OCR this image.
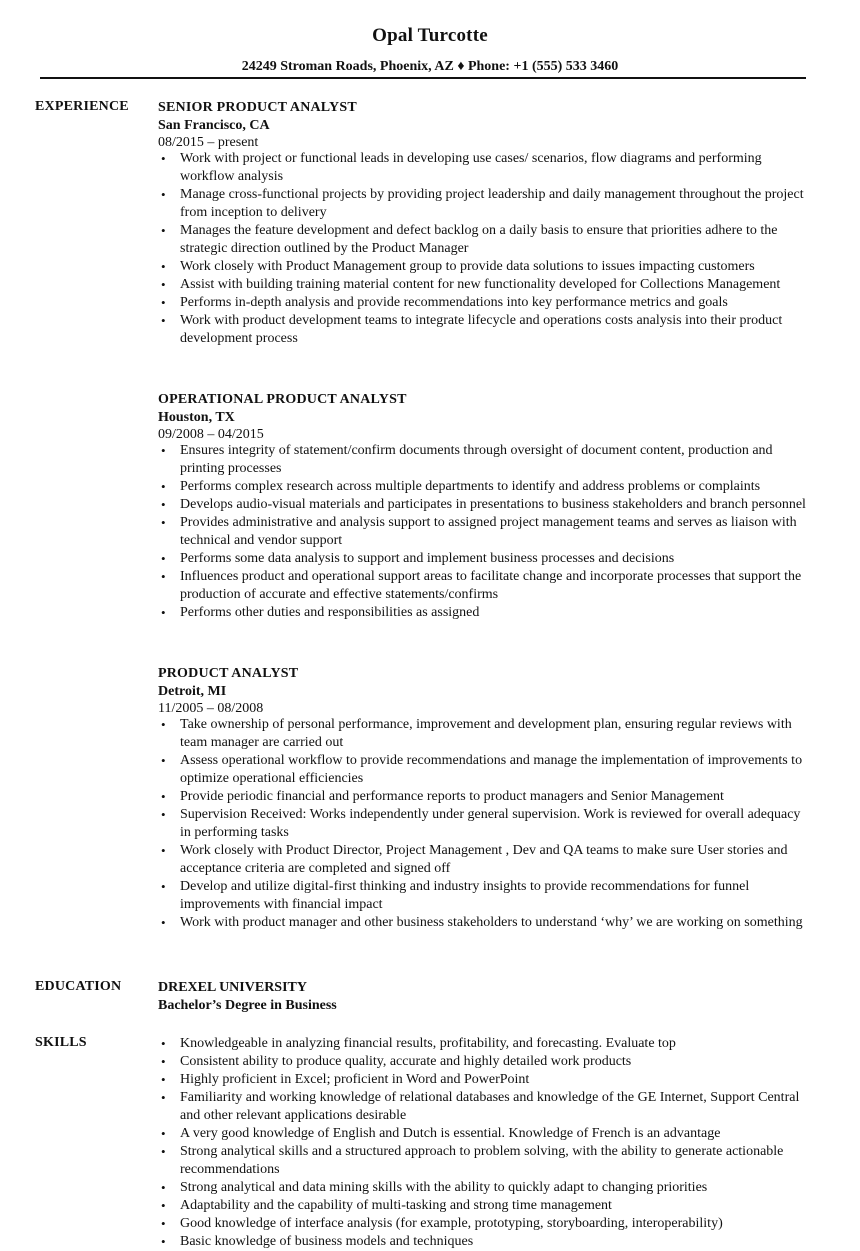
Opal Turcotte
24249 Stroman Roads, Phoenix, AZ ♦ Phone: +1 (555) 533 3460
EXPERIENCE SENIOR PRODUCT ANALYST
San Francisco, CA
08/2015 – present
• Work with project or functional leads in developing use cases/ scenarios, flow diagrams and performing workflow analysis
• Manage cross-functional projects by providing project leadership and daily management throughout the project from inception to delivery
• Manages the feature development and defect backlog on a daily basis to ensure that priorities adhere to the strategic direction outlined by the Product Manager
• Work closely with Product Management group to provide data solutions to issues impacting customers
• Assist with building training material content for new functionality developed for Collections Management
• Performs in-depth analysis and provide recommendations into key performance metrics and goals
• Work with product development teams to integrate lifecycle and operations costs analysis into their product development process
OPERATIONAL PRODUCT ANALYST
Houston, TX
09/2008 – 04/2015
• Ensures integrity of statement/confirm documents through oversight of document content, production and printing processes
• Performs complex research across multiple departments to identify and address problems or complaints
• Develops audio-visual materials and participates in presentations to business stakeholders and branch personnel
• Provides administrative and analysis support to assigned project management teams and serves as liaison with technical and vendor support
• Performs some data analysis to support and implement business processes and decisions
• Influences product and operational support areas to facilitate change and incorporate processes that support the production of accurate and effective statements/confirms
• Performs other duties and responsibilities as assigned
PRODUCT ANALYST
Detroit, MI
11/2005 – 08/2008
• Take ownership of personal performance, improvement and development plan, ensuring regular reviews with team manager are carried out
• Assess operational workflow to provide recommendations and manage the implementation of improvements to optimize operational efficiencies
• Provide periodic financial and performance reports to product managers and Senior Management
• Supervision Received: Works independently under general supervision. Work is reviewed for overall adequacy in performing tasks
• Work closely with Product Director, Project Management , Dev and QA teams to make sure User stories and acceptance criteria are completed and signed off
• Develop and utilize digital-first thinking and industry insights to provide recommendations for funnel improvements with financial impact
• Work with product manager and other business stakeholders to understand ‘why’ we are working on something
EDUCATION	DREXEL UNIVERSITY
Bachelor’s Degree in Business
SKILLS	• Knowledgeable in analyzing financial results, profitability, and forecasting. Evaluate top
• Consistent ability to produce quality, accurate and highly detailed work products
• Highly proficient in Excel; proficient in Word and PowerPoint
• Familiarity and working knowledge of relational databases and knowledge of the GE Internet, Support Central and other relevant applications desirable
• A very good knowledge of English and Dutch is essential. Knowledge of French is an advantage
• Strong analytical skills and a structured approach to problem solving, with the ability to generate actionable recommendations
• Strong analytical and data mining skills with the ability to quickly adapt to changing priorities
• Adaptability and the capability of multi-tasking and strong time management
• Good knowledge of interface analysis (for example, prototyping, storyboarding, interoperability)
• Basic knowledge of business models and techniques
